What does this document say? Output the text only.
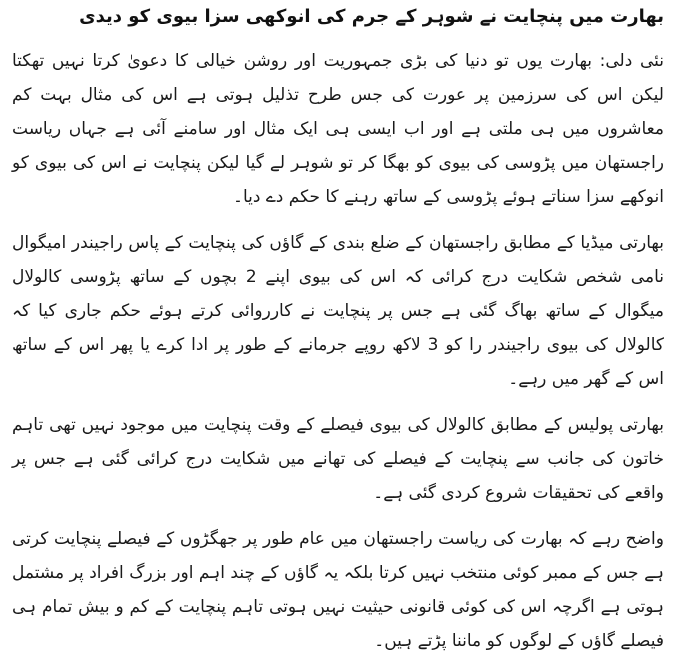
بھارت میں پنچایت نے شوہر کے جرم کی انوکھی سزا بیوی کو دیدی

نئی دلی: بھارت یوں تو دنیا کی بڑی جمہوریت اور روشن خیالی کا دعویٰ کرتا نہیں تھکتا لیکن اس کی سرزمین پر عورت کی جس طرح تذلیل ہوتی ہے اس کی مثال بہت کم معاشروں میں ہی ملتی ہے اور اب ایسی ہی ایک مثال اور سامنے آئی ہے جہاں ریاست راجستھان میں پڑوسی کی بیوی کو بھگا کر تو شوہر لے گیا لیکن پنچایت نے اس کی بیوی کو انوکھے سزا سناتے ہوئے پڑوسی کے ساتھ رہنے کا حکم دے دیا۔

بھارتی میڈیا کے مطابق راجستھان کے ضلع بندی کے گاؤں کی پنچایت کے پاس راجیندر امیگوال نامی شخص شکایت درج کرائی کہ اس کی بیوی اپنے 2 بچوں کے ساتھ پڑوسی کالولال میگوال کے ساتھ بھاگ گئی ہے جس پر پنچایت نے کارروائی کرتے ہوئے حکم جاری کیا کہ کالولال کی بیوی راجیندر را کو 3 لاکھ روپے جرمانے کے طور پر ادا کرے یا پھر اس کے ساتھ اس کے گھر میں رہے۔

بھارتی پولیس کے مطابق کالولال کی بیوی فیصلے کے وقت پنچایت میں موجود نہیں تھی تاہم خاتون کی جانب سے پنچایت کے فیصلے کی تھانے میں شکایت درج کرائی گئی ہے جس پر واقعے کی تحقیقات شروع کردی گئی ہے۔

واضح رہے کہ بھارت کی ریاست راجستھان میں عام طور پر جھگڑوں کے فیصلے پنچایت کرتی ہے جس کے ممبر کوئی منتخب نہیں کرتا بلکہ یہ گاؤں کے چند اہم اور بزرگ افراد پر مشتمل ہوتی ہے اگرچہ اس کی کوئی قانونی حیثیت نہیں ہوتی تاہم پنچایت کے کم و بیش تمام ہی فیصلے گاؤں کے لوگوں کو ماننا پڑتے ہیں۔
